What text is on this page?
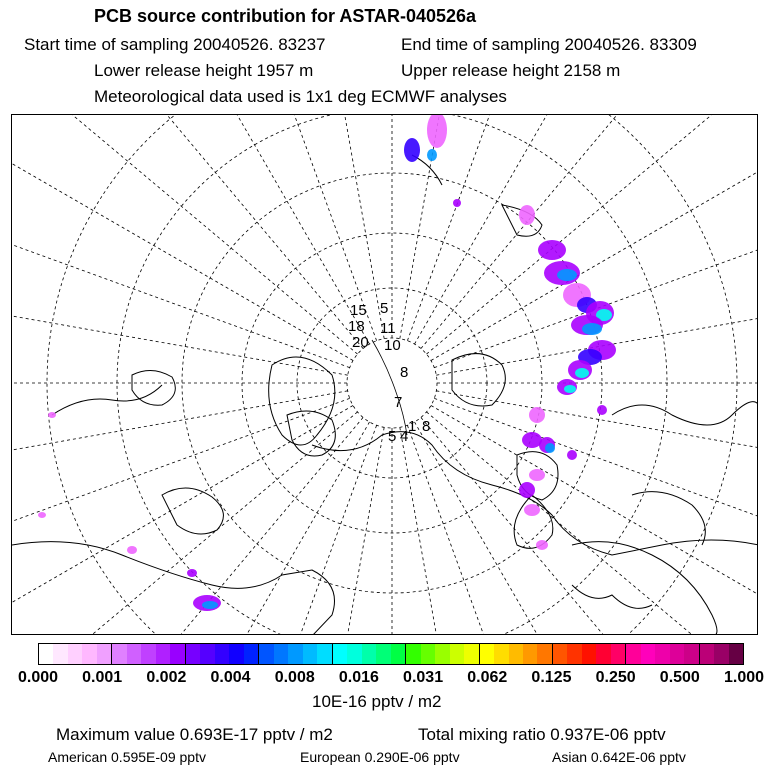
PCB source contribution for ASTAR-040526a
Start time of sampling 20040526. 83237	End time of sampling 20040526. 83309
Lower release height 1957 m	Upper release height 2158 m
Meteorological data used is 1x1 deg ECMWF analyses
15 5
18
20
11
10
8
7
5 4
1 8
0.000 0.001 0.002 0.004 0.008 0.016 0.031 0.062 0.125 0.250 0.500 1.000
10E-16 pptv / m2
Maximum value 0.693E-17 pptv / m2	Total mixing ratio 0.937E-06 pptv
American 0.595E-09 pptv	European 0.290E-06 pptv	Asian 0.642E-06 pptv
